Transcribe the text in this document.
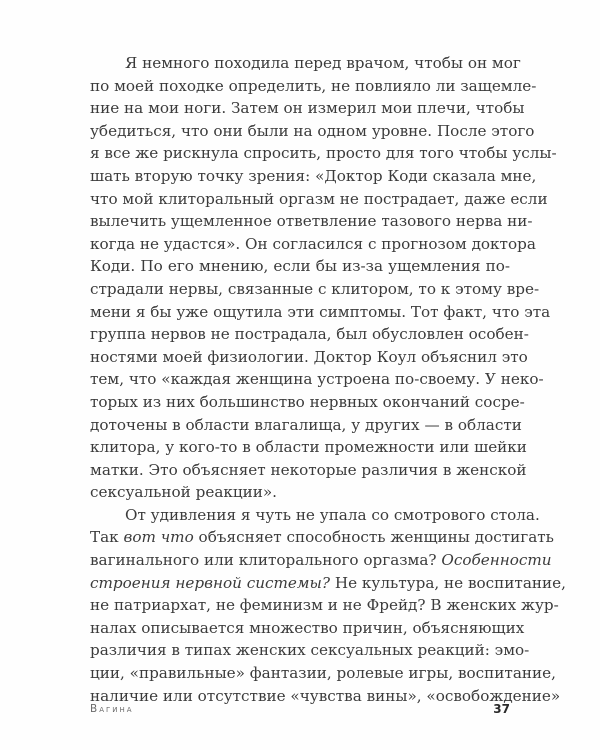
Я немного походила перед врачом, чтобы он мог
по моей походке определить, не повлияло ли защемле-
ние на мои ноги. Затем он измерил мои плечи, чтобы
убедиться, что они были на одном уровне. После этого
я все же рискнула спросить, просто для того чтобы услы-
шать вторую точку зрения: «Доктор Коди сказала мне,
что мой клиторальный оргазм не пострадает, даже если
вылечить ущемленное ответвление тазового нерва ни-
когда не удастся». Он согласился с прогнозом доктора
Коди. По его мнению, если бы из-за ущемления по-
страдали нервы, связанные с клитором, то к этому вре-
мени я бы уже ощутила эти симптомы. Тот факт, что эта
группа нервов не пострадала, был обусловлен особен-
ностями моей физиологии. Доктор Коул объяснил это
тем, что «каждая женщина устроена по-своему. У неко-
торых из них большинство нервных окончаний сосре-
доточены в области влагалища, у других — в области
клитора, у кого-то в области промежности или шейки
матки. Это объясняет некоторые различия в женской
сексуальной реакции».
От удивления я чуть не упала со смотрового стола.
Так вот что объясняет способность женщины достигать
вагинального или клиторального оргазма? Особенности
строения нервной системы? Не культура, не воспитание,
не патриархат, не феминизм и не Фрейд? В женских жур-
налах описывается множество причин, объясняющих
различия в типах женских сексуальных реакций: эмо-
ции, «правильные» фантазии, ролевые игры, воспитание,
наличие или отсутствие «чувства вины», «освобождение»
Вагина	37
